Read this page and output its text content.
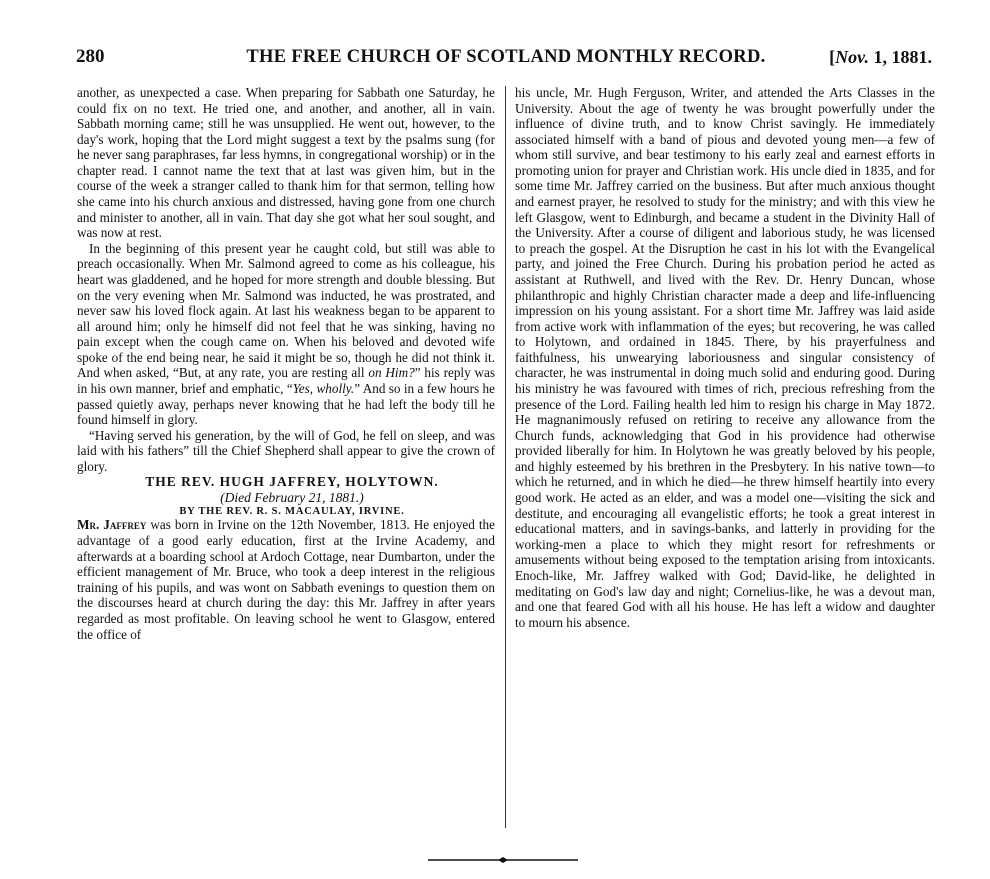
280	THE FREE CHURCH OF SCOTLAND MONTHLY RECORD.	[Nov. 1, 1881.

another, as unexpected a case. When preparing for Sabbath one Saturday, he could fix on no text. He tried one, and another, and another, all in vain. Sabbath morning came; still he was unsupplied. He went out, however, to the day's work, hoping that the Lord might suggest a text by the psalms sung (for he never sang paraphrases, far less hymns, in congregational worship) or in the chapter read. I cannot name the text that at last was given him, but in the course of the week a stranger called to thank him for that sermon, telling how she came into his church anxious and distressed, having gone from one church and minister to another, all in vain. That day she got what her soul sought, and was now at rest.

In the beginning of this present year he caught cold, but still was able to preach occasionally. When Mr. Salmond agreed to come as his colleague, his heart was gladdened, and he hoped for more strength and double blessing. But on the very evening when Mr. Salmond was inducted, he was prostrated, and never saw his loved flock again. At last his weakness began to be apparent to all around him; only he himself did not feel that he was sinking, having no pain except when the cough came on. When his beloved and devoted wife spoke of the end being near, he said it might be so, though he did not think it. And when asked, “But, at any rate, you are resting all on Him?” his reply was in his own manner, brief and emphatic, “Yes, wholly.” And so in a few hours he passed quietly away, perhaps never knowing that he had left the body till he found himself in glory.

“Having served his generation, by the will of God, he fell on sleep, and was laid with his fathers” till the Chief Shepherd shall appear to give the crown of glory.

THE REV. HUGH JAFFREY, HOLYTOWN.

(Died February 21, 1881.)

BY THE REV. R. S. MACAULAY, IRVINE.

Mr. Jaffrey was born in Irvine on the 12th November, 1813. He enjoyed the advantage of a good early education, first at the Irvine Academy, and afterwards at a boarding school at Ardoch Cottage, near Dumbarton, under the efficient management of Mr. Bruce, who took a deep interest in the religious training of his pupils, and was wont on Sabbath evenings to question them on the discourses heard at church during the day: this Mr. Jaffrey in after years regarded as most profitable. On leaving school he went to Glasgow, entered the office of

his uncle, Mr. Hugh Ferguson, Writer, and attended the Arts Classes in the University. About the age of twenty he was brought powerfully under the influence of divine truth, and to know Christ savingly. He immediately associated himself with a band of pious and devoted young men—a few of whom still survive, and bear testimony to his early zeal and earnest efforts in promoting union for prayer and Christian work. His uncle died in 1835, and for some time Mr. Jaffrey carried on the business. But after much anxious thought and earnest prayer, he resolved to study for the ministry; and with this view he left Glasgow, went to Edinburgh, and became a student in the Divinity Hall of the University. After a course of diligent and laborious study, he was licensed to preach the gospel. At the Disruption he cast in his lot with the Evangelical party, and joined the Free Church. During his probation period he acted as assistant at Ruthwell, and lived with the Rev. Dr. Henry Duncan, whose philanthropic and highly Christian character made a deep and life-influencing impression on his young assistant. For a short time Mr. Jaffrey was laid aside from active work with inflammation of the eyes; but recovering, he was called to Holytown, and ordained in 1845. There, by his prayerfulness and faithfulness, his unwearying laboriousness and singular consistency of character, he was instrumental in doing much solid and enduring good. During his ministry he was favoured with times of rich, precious refreshing from the presence of the Lord. Failing health led him to resign his charge in May 1872. He magnanimously refused on retiring to receive any allowance from the Church funds, acknowledging that God in his providence had otherwise provided liberally for him. In Holytown he was greatly beloved by his people, and highly esteemed by his brethren in the Presbytery. In his native town—to which he returned, and in which he died—he threw himself heartily into every good work. He acted as an elder, and was a model one—visiting the sick and destitute, and encouraging all evangelistic efforts; he took a great interest in educational matters, and in savings-banks, and latterly in providing for the working-men a place to which they might resort for refreshments or amusements without being exposed to the temptation arising from intoxicants. Enoch-like, Mr. Jaffrey walked with God; David-like, he delighted in meditating on God's law day and night; Cornelius-like, he was a devout man, and one that feared God with all his house. He has left a widow and daughter to mourn his absence.
